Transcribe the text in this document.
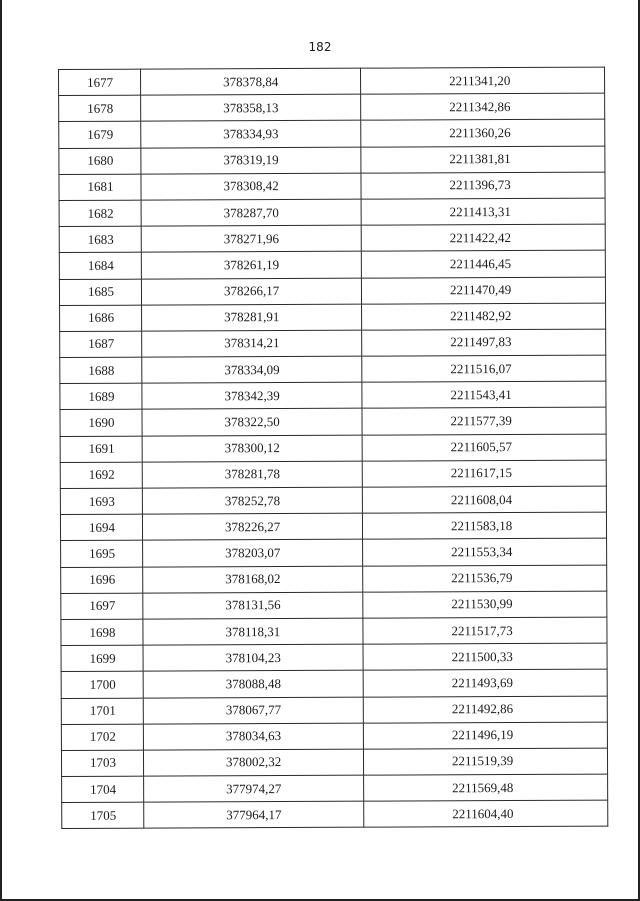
182
1677	378378,84	2211341,20
1678	378358,13	2211342,86
1679	378334,93	2211360,26
1680	378319,19	2211381,81
1681	378308,42	2211396,73
1682	378287,70	2211413,31
1683	378271,96	2211422,42
1684	378261,19	2211446,45
1685	378266,17	2211470,49
1686	378281,91	2211482,92
1687	378314,21	2211497,83
1688	378334,09	2211516,07
1689	378342,39	2211543,41
1690	378322,50	2211577,39
1691	378300,12	2211605,57
1692	378281,78	2211617,15
1693	378252,78	2211608,04
1694	378226,27	2211583,18
1695	378203,07	2211553,34
1696	378168,02	2211536,79
1697	378131,56	2211530,99
1698	378118,31	2211517,73
1699	378104,23	2211500,33
1700	378088,48	2211493,69
1701	378067,77	2211492,86
1702	378034,63	2211496,19
1703	378002,32	2211519,39
1704	377974,27	2211569,48
1705	377964,17	2211604,40
